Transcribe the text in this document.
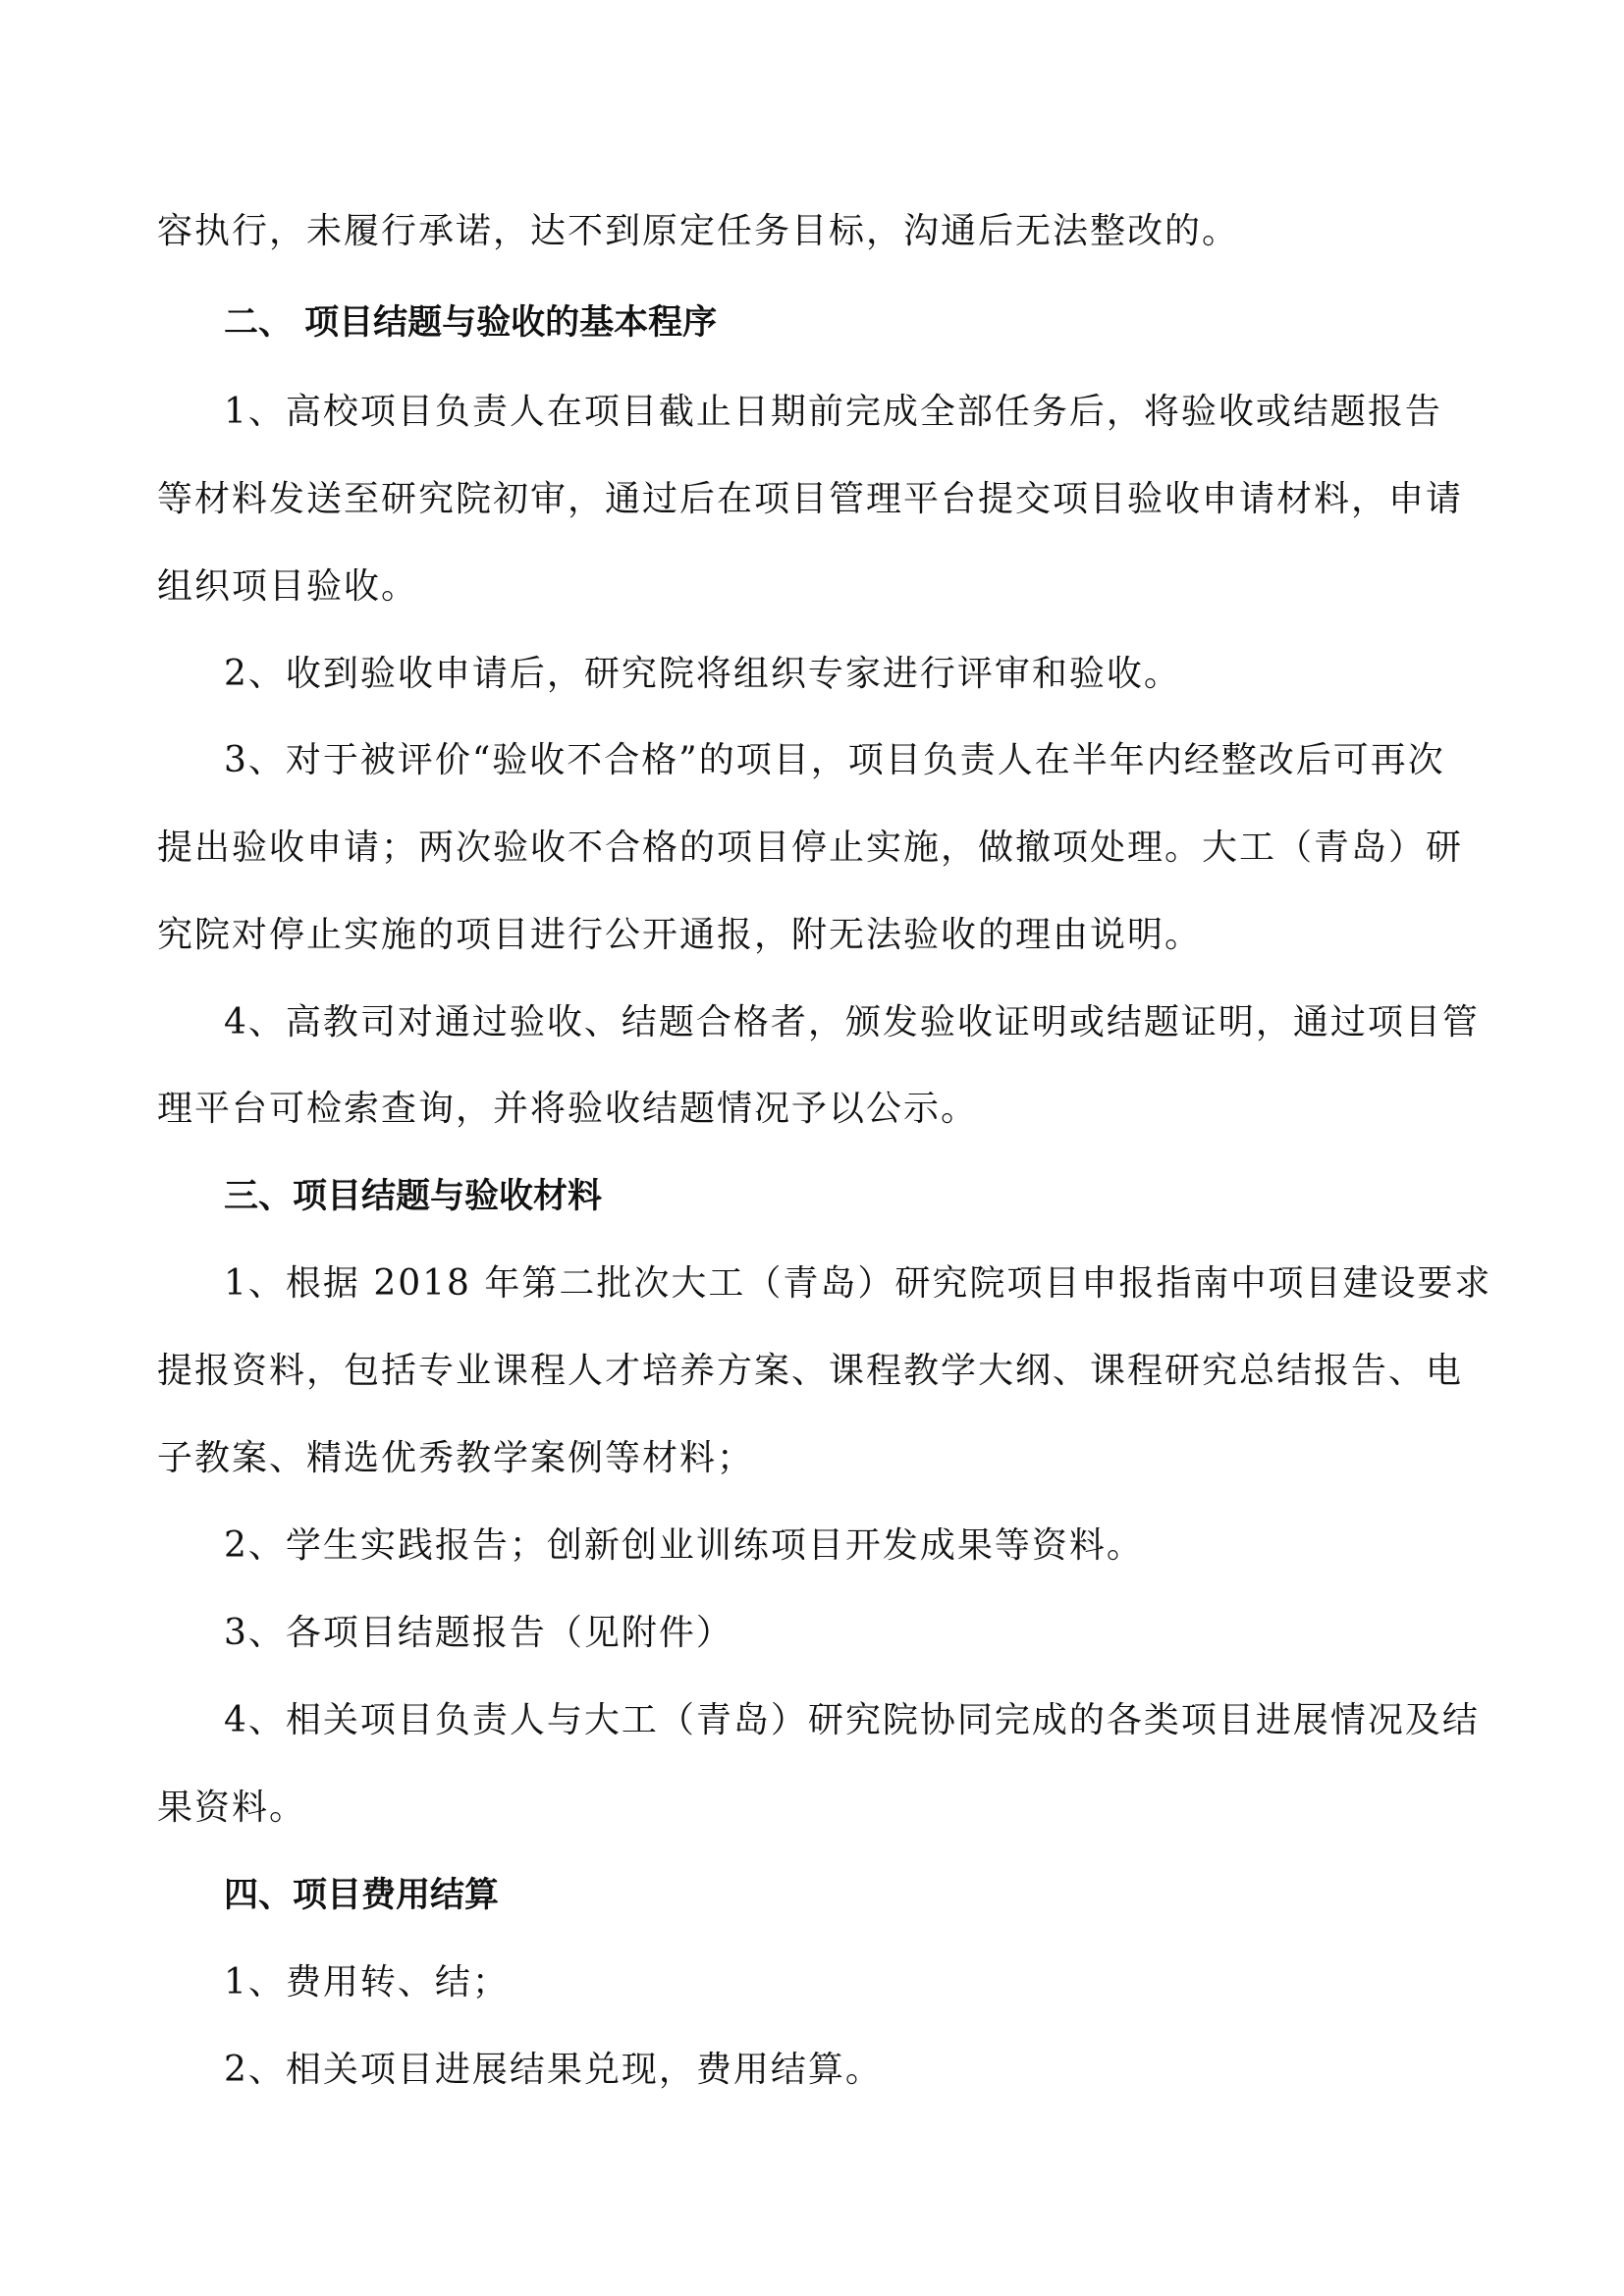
容执行，未履行承诺，达不到原定任务目标，沟通后无法整改的。

二、 项目结题与验收的基本程序

1、高校项目负责人在项目截止日期前完成全部任务后，将验收或结题报告

等材料发送至研究院初审，通过后在项目管理平台提交项目验收申请材料，申请

组织项目验收。

2、收到验收申请后，研究院将组织专家进行评审和验收。

3、对于被评价“验收不合格”的项目，项目负责人在半年内经整改后可再次

提出验收申请；两次验收不合格的项目停止实施，做撤项处理。大工（青岛）研

究院对停止实施的项目进行公开通报，附无法验收的理由说明。

4、高教司对通过验收、结题合格者，颁发验收证明或结题证明，通过项目管

理平台可检索查询，并将验收结题情况予以公示。

三、项目结题与验收材料

1、根据 2018 年第二批次大工（青岛）研究院项目申报指南中项目建设要求

提报资料，包括专业课程人才培养方案、课程教学大纲、课程研究总结报告、电

子教案、精选优秀教学案例等材料；

2、学生实践报告；创新创业训练项目开发成果等资料。

3、各项目结题报告（见附件）

4、相关项目负责人与大工（青岛）研究院协同完成的各类项目进展情况及结

果资料。

四、项目费用结算

1、费用转、结；

2、相关项目进展结果兑现，费用结算。
